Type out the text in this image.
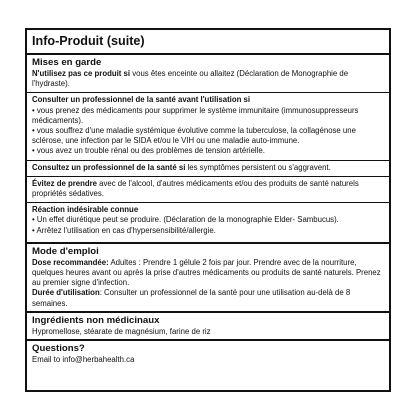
Info-Produit (suite)
Mises en garde
N'utilisez pas ce produit si vous êtes enceinte ou allaitez (Déclaration de Monographie de l'hydraste).
Consulter un professionnel de la santé avant l'utilisation si
• vous prenez des médicaments pour supprimer le système immunitaire (immunosuppresseurs médicaments).
• vous souffrez d'une maladie systémique évolutive comme la tuberculose, la collagénose une sclérose, une infection par le SIDA et/ou le VIH ou une maladie auto-immune.
• vous avez un trouble rénal ou des problèmes de tension artérielle.
Consultez un professionnel de la santé si les symptômes persistent ou s'aggravent.
Évitez de prendre avec de l'alcool, d'autres médicaments et/ou des produits de santé naturels propriétés sédatives.
Réaction indésirable connue
• Un effet diurétique peut se produire. (Déclaration de la monographie Elder- Sambucus).
• Arrêtez l'utilisation en cas d'hypersensibilité/allergie.
Mode d'emploi
Dose recommandée: Adultes : Prendre 1 gélule 2 fois par jour. Prendre avec de la nourriture, quelques heures avant ou après la prise d'autres médicaments ou produits de santé naturels. Prenez au premier signe d'infection.
Durée d'utilisation: Consulter un professionnel de la santé pour une utilisation au-delà de 8 semaines.
Ingrédients non médicinaux
Hypromellose, stéarate de magnésium, farine de riz
Questions?
Email to info@herbahealth.ca
